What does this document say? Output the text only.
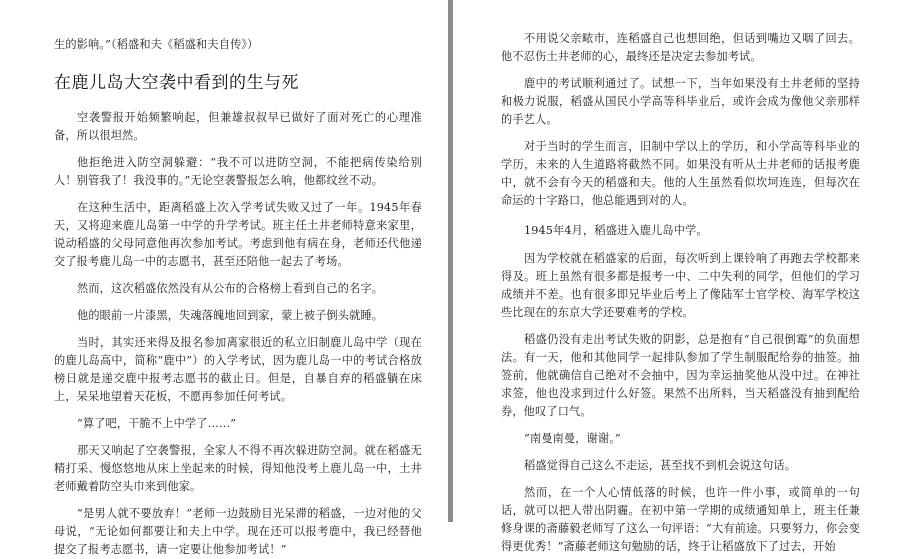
生的影响。”（稻盛和夫《稻盛和夫自传》）

在鹿儿岛大空袭中看到的生与死

空袭警报开始频繁响起，但兼雄叔叔早已做好了面对死亡的心理准备，所以很坦然。

他拒绝进入防空洞躲避：“我不可以进防空洞，不能把病传染给别人！别管我了！我没事的。”无论空袭警报怎么响，他都纹丝不动。

在这种生活中，距离稻盛上次入学考试失败又过了一年。1945年春天，又将迎来鹿儿岛第一中学的升学考试。班主任土井老师特意来家里，说动稻盛的父母同意他再次参加考试。考虑到他有病在身，老师还代他递交了报考鹿儿岛一中的志愿书，甚至还陪他一起去了考场。

然而，这次稻盛依然没有从公布的合格榜上看到自己的名字。

他的眼前一片漆黑，失魂落魄地回到家，蒙上被子倒头就睡。

当时，其实还来得及报名参加离家很近的私立旧制鹿儿岛中学（现在的鹿儿岛高中，简称“鹿中”）的入学考试，因为鹿儿岛一中的考试合格放榜日就是递交鹿中报考志愿书的截止日。但是，自暴自弃的稻盛躺在床上，呆呆地望着天花板，不愿再参加任何考试。

“算了吧，干脆不上中学了……”

那天又响起了空袭警报，全家人不得不再次躲进防空洞。就在稻盛无精打采、慢悠悠地从床上坐起来的时候，得知他没考上鹿儿岛一中，土井老师戴着防空头巾来到他家。

“是男人就不要放弃！”老师一边鼓励目光呆滞的稻盛，一边对他的父母说，“无论如何都要让和夫上中学。现在还可以报考鹿中，我已经替他提交了报考志愿书，请一定要让他参加考试！”

不用说父亲畩市，连稻盛自己也想回绝，但话到嘴边又咽了回去。他不忍伤土井老师的心，最终还是决定去参加考试。

鹿中的考试顺利通过了。试想一下，当年如果没有土井老师的坚持和极力说服，稻盛从国民小学高等科毕业后，或许会成为像他父亲那样的手艺人。

对于当时的学生而言，旧制中学以上的学历，和小学高等科毕业的学历，未来的人生道路将截然不同。如果没有听从土井老师的话报考鹿中，就不会有今天的稻盛和夫。他的人生虽然看似坎坷连连，但每次在命运的十字路口，他总能遇到对的人。

1945年4月，稻盛进入鹿儿岛中学。

因为学校就在稻盛家的后面，每次听到上课铃响了再跑去学校都来得及。班上虽然有很多都是报考一中、二中失利的同学，但他们的学习成绩并不差。也有很多即兄毕业后考上了像陆军士官学校、海军学校这些比现在的东京大学还要难考的学校。

稻盛仍没有走出考试失败的阴影，总是抱有“自己很倒霉”的负面想法。有一天，他和其他同学一起排队参加了学生制服配给券的抽签。抽签前，他就确信自己绝对不会抽中，因为幸运抽奖他从没中过。在神社求签，他也没求到过什么好签。果然不出所料，当天稻盛没有抽到配给券，他叹了口气。

“南曼南曼，谢谢。”

稻盛觉得自己这么不走运，甚至找不到机会说这句话。

然而，在一个人心情低落的时候，也许一件小事，或简单的一句话，就可以把人带出阴霾。在初中第一学期的成绩通知单上，班主任兼修身课的斋藤毅老师写了这么一句评语：“大有前途。只要努力，你会变得更优秀！”斋藤老师这句勉励的话，终于让稻盛放下了过去，开始
